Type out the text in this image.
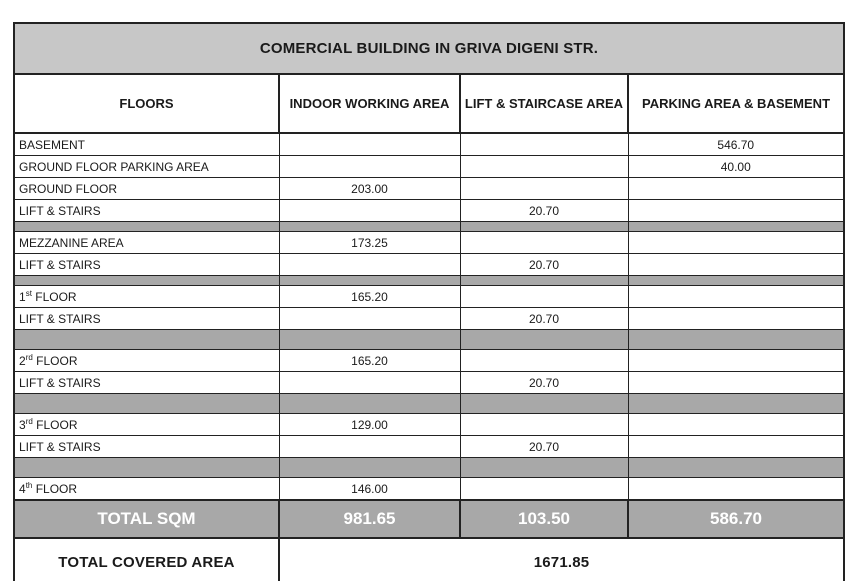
COMERCIAL BUILDING IN GRIVA DIGENI STR.			
FLOORS	INDOOR WORKING AREA	LIFT & STAIRCASE AREA	PARKING AREA & BASEMENT
BASEMENT			546.70
GROUND FLOOR PARKING AREA			40.00
GROUND FLOOR	203.00		
LIFT & STAIRS		20.70	

MEZZANINE AREA	173.25		
LIFT & STAIRS		20.70	

1st FLOOR	165.20		
LIFT & STAIRS		20.70	

2rd FLOOR	165.20		
LIFT & STAIRS		20.70	

3rd FLOOR	129.00		
LIFT & STAIRS		20.70	

4th FLOOR	146.00		
TOTAL SQM	981.65	103.50	586.70
TOTAL COVERED AREA	1671.85		
